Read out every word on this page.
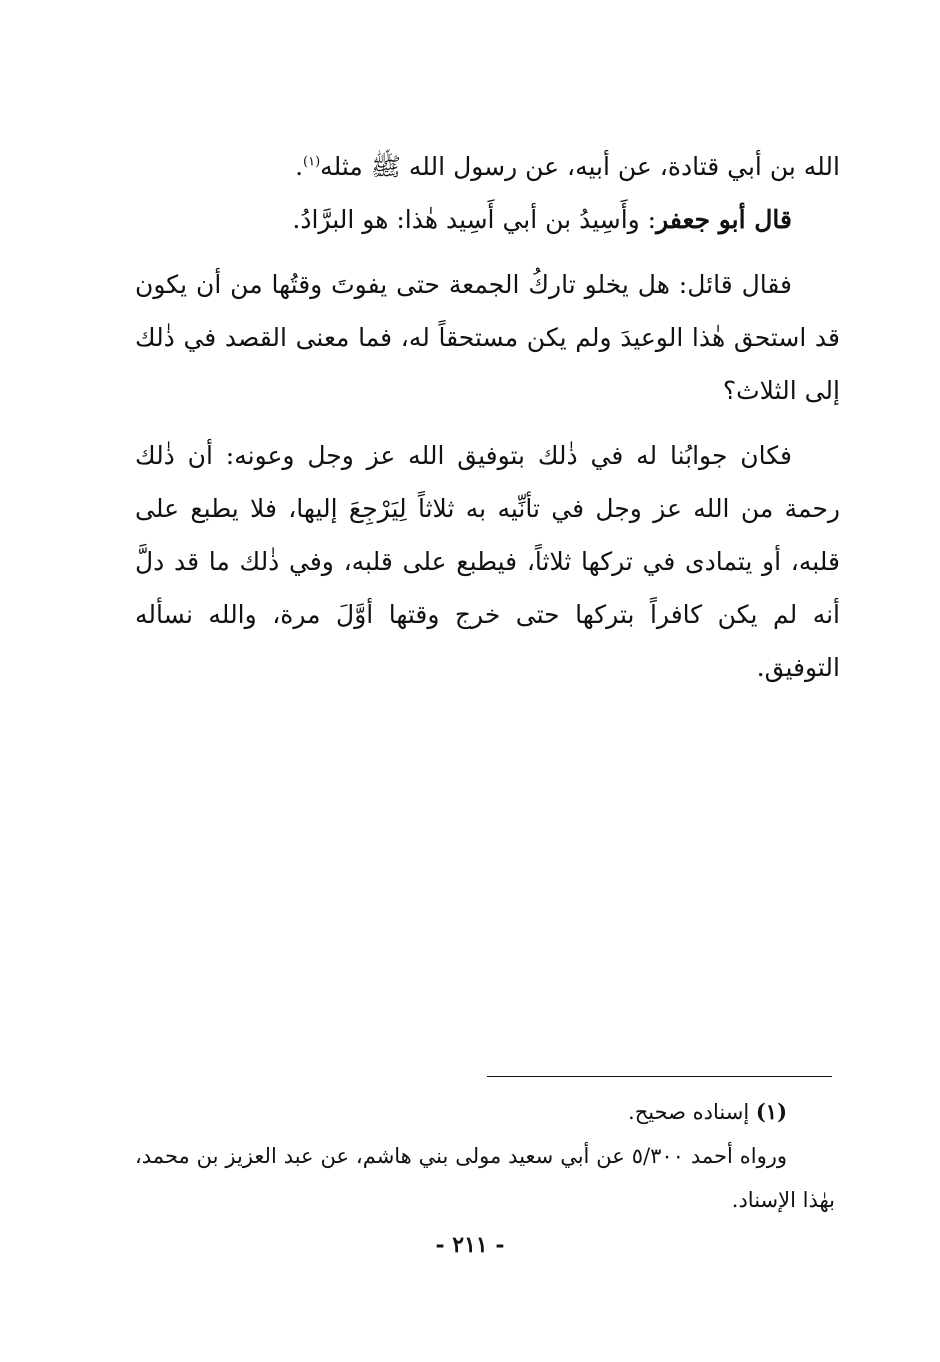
الله بن أبي قتادة، عن أبيه، عن رسول الله ﷺ مثله$^{(١)}$.

قال أبو جعفر: وأَسِيدُ بن أبي أَسِيد هٰذا: هو البرَّادُ.

فقال قائل: هل يخلو تاركُ الجمعة حتى يفوتَ وقتُها من أن يكون قد استحق هٰذا الوعيدَ ولم يكن مستحقاً له، فما معنى القصد في ذٰلك إلى الثلاث؟

فكان جوابُنا له في ذٰلك بتوفيق الله عز وجل وعونه: أن ذٰلك رحمة من الله عز وجل في تأنِّيه به ثلاثاً لِيَرْجِعَ إليها، فلا يطبع على قلبه، أو يتمادى في تركها ثلاثاً، فيطبع على قلبه، وفي ذٰلك ما قد دلَّ أنه لم يكن كافراً بتركها حتى خرج وقتها أوَّلَ مرة، والله نسأله التوفيق.

(١) إسناده صحيح.

ورواه أحمد ٥/٣٠٠ عن أبي سعيد مولى بني هاشم، عن عبد العزيز بن محمد، بهٰذا الإسناد.

- ٢١١ -
